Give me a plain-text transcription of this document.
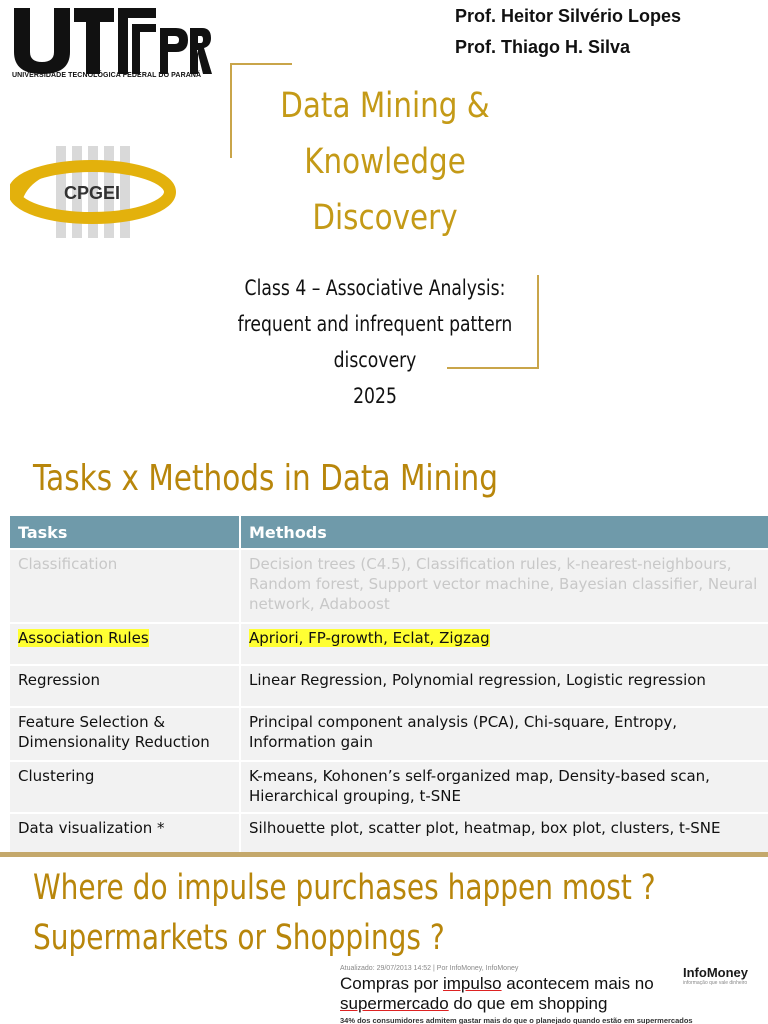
UNIVERSIDADE TECNOLÓGICA FEDERAL DO PARANÁ
Prof. Heitor Silvério Lopes
Prof. Thiago H. Silva
Data Mining &
Knowledge
Discovery
CPGEI
Class 4 – Associative Analysis:
frequent and infrequent pattern
discovery
2025
Tasks x Methods in Data Mining
Tasks	Methods
Classification	Decision trees (C4.5), Classification rules, k-nearest-neighbours, Random forest, Support vector machine, Bayesian classifier, Neural network, Adaboost
Association Rules	Apriori, FP-growth, Eclat, Zigzag
Regression	Linear Regression, Polynomial regression, Logistic regression
Feature Selection & Dimensionality Reduction	Principal component analysis (PCA), Chi-square, Entropy, Information gain
Clustering	K-means, Kohonen’s self-organized map, Density-based scan, Hierarchical grouping, t-SNE
Data visualization *	Silhouette plot, scatter plot, heatmap, box plot, clusters, t-SNE
Where do impulse purchases happen most ?
Supermarkets or Shoppings ?
Atualizado: 29/07/2013 14:52 | Por InfoMoney, InfoMoney	InfoMoney
informação que vale dinheiro
Compras por impulso acontecem mais no supermercado do que em shopping
34% dos consumidores admitem gastar mais do que o planejado quando estão em supermercados
